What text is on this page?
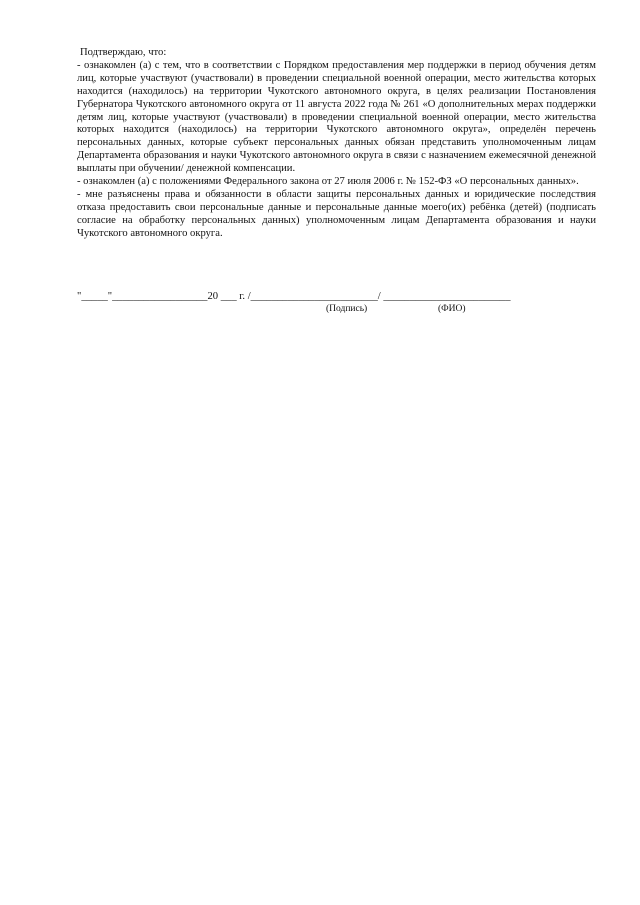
Подтверждаю, что:

- ознакомлен (а) с тем, что в соответствии с Порядком предоставления мер поддержки в период обучения детям лиц, которые участвуют (участвовали) в проведении специальной военной операции, место жительства которых находится (находилось) на территории Чукотского автономного округа, в целях реализации Постановления Губернатора Чукотского автономного округа от 11 августа 2022 года № 261 «О дополнительных мерах поддержки детям лиц, которые участвуют (участвовали) в проведении специальной военной операции, место жительства которых находится (находилось) на территории Чукотского автономного округа», определён перечень персональных данных, которые субъект персональных данных обязан представить уполномоченным лицам Департамента образования и науки Чукотского автономного округа в связи с назначением ежемесячной денежной выплаты при обучении/ денежной компенсации.

- ознакомлен (а) с положениями Федерального закона от 27 июля 2006 г. № 152-ФЗ «О персональных данных».

- мне разъяснены права и обязанности в области защиты персональных данных и юридические последствия отказа предоставить свои персональные данные и персональные данные моего(их) ребёнка (детей) (подписать согласие на обработку персональных данных) уполномоченным лицам Департамента образования и науки Чукотского автономного округа.

"_____"__________________20 ___ г. /________________________/ ________________________
(Подпись)	(ФИО)
